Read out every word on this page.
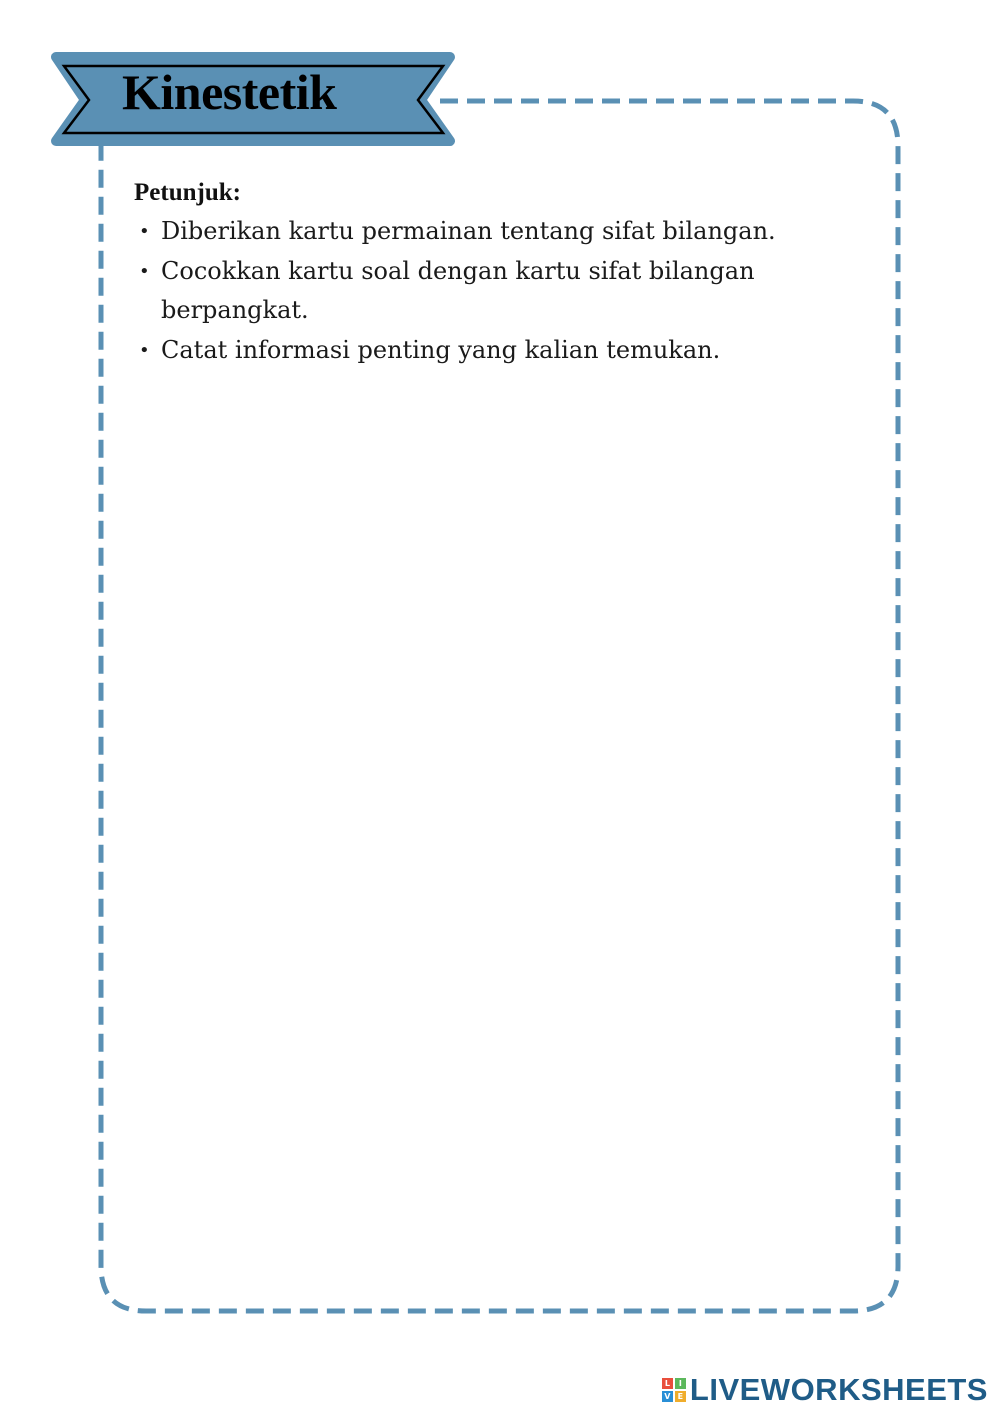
Kinestetik

Petunjuk:

• Diberikan kartu permainan tentang sifat bilangan.
• Cocokkan kartu soal dengan kartu sifat bilangan berpangkat.
• Catat informasi penting yang kalian temukan.
L	I
V E LIVEWORKSHEETS
